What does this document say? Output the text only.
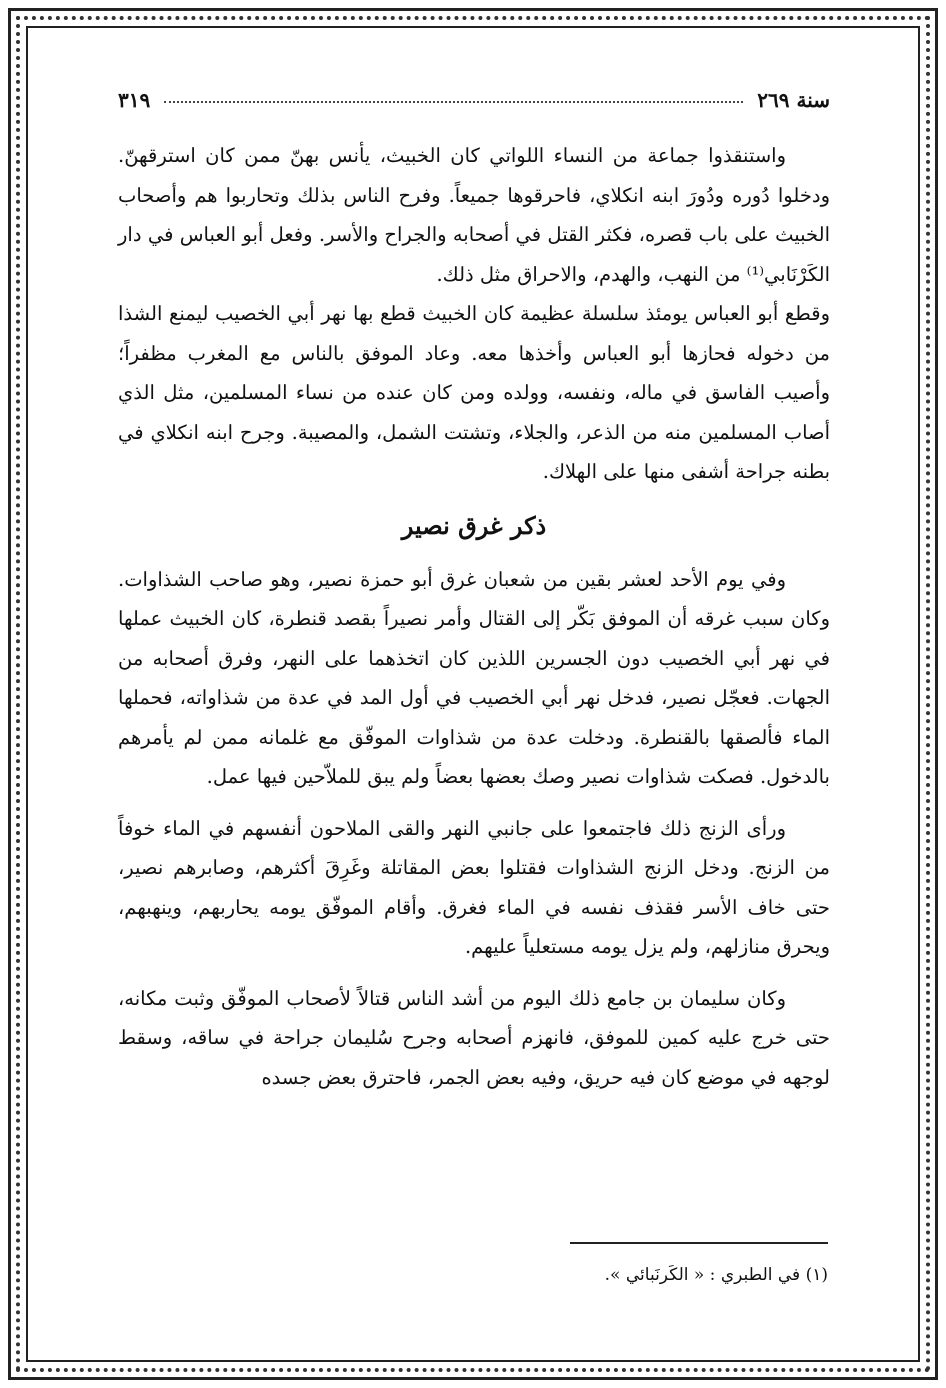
سنة ٢٦٩
٣١٩

واستنقذوا جماعة من النساء اللواتي كان الخبيث، يأنس بهنّ ممن كان استرقهنّ. ودخلوا دُوره ودُورَ ابنه انكلاي، فاحرقوها جميعاً. وفرح الناس بذلك وتحاربوا هم وأصحاب الخبيث على باب قصره، فكثر القتل في أصحابه والجراح والأسر. وفعل أبو العباس في دار الكَرْنَابي⁽¹⁾ من النهب، والهدم، والاحراق مثل ذلك.

وقطع أبو العباس يومئذ سلسلة عظيمة كان الخبيث قطع بها نهر أبي الخصيب ليمنع الشذا من دخوله فحازها أبو العباس وأخذها معه. وعاد الموفق بالناس مع المغرب مظفراً؛ وأصيب الفاسق في ماله، ونفسه، وولده ومن كان عنده من نساء المسلمين، مثل الذي أصاب المسلمين منه من الذعر، والجلاء، وتشتت الشمل، والمصيبة. وجرح ابنه انكلاي في بطنه جراحة أشفى منها على الهلاك.

ذكر غرق نصير

وفي يوم الأحد لعشر بقين من شعبان غرق أبو حمزة نصير، وهو صاحب الشذاوات. وكان سبب غرقه أن الموفق بَكّر إلى القتال وأمر نصيراً بقصد قنطرة، كان الخبيث عملها في نهر أبي الخصيب دون الجسرين اللذين كان اتخذهما على النهر، وفرق أصحابه من الجهات. فعجّل نصير، فدخل نهر أبي الخصيب في أول المد في عدة من شذاواته، فحملها الماء فألصقها بالقنطرة. ودخلت عدة من شذاوات الموفّق مع غلمانه ممن لم يأمرهم بالدخول. فصكت شذاوات نصير وصك بعضها بعضاً ولم يبق للملاّحين فيها عمل.

ورأى الزنج ذلك فاجتمعوا على جانبي النهر والقى الملاحون أنفسهم في الماء خوفاً من الزنج. ودخل الزنج الشذاوات فقتلوا بعض المقاتلة وغَرِقَ أكثرهم، وصابرهم نصير، حتى خاف الأسر فقذف نفسه في الماء فغرق. وأقام الموفّق يومه يحاربهم، وينهبهم، ويحرق منازلهم، ولم يزل يومه مستعلياً عليهم.

وكان سليمان بن جامع ذلك اليوم من أشد الناس قتالاً لأصحاب الموفّق وثبت مكانه، حتى خرج عليه كمين للموفق، فانهزم أصحابه وجرح سُليمان جراحة في ساقه، وسقط لوجهه في موضع كان فيه حريق، وفيه بعض الجمر، فاحترق بعض جسده

(١) في الطبري : « الكَرنَبائي ».
